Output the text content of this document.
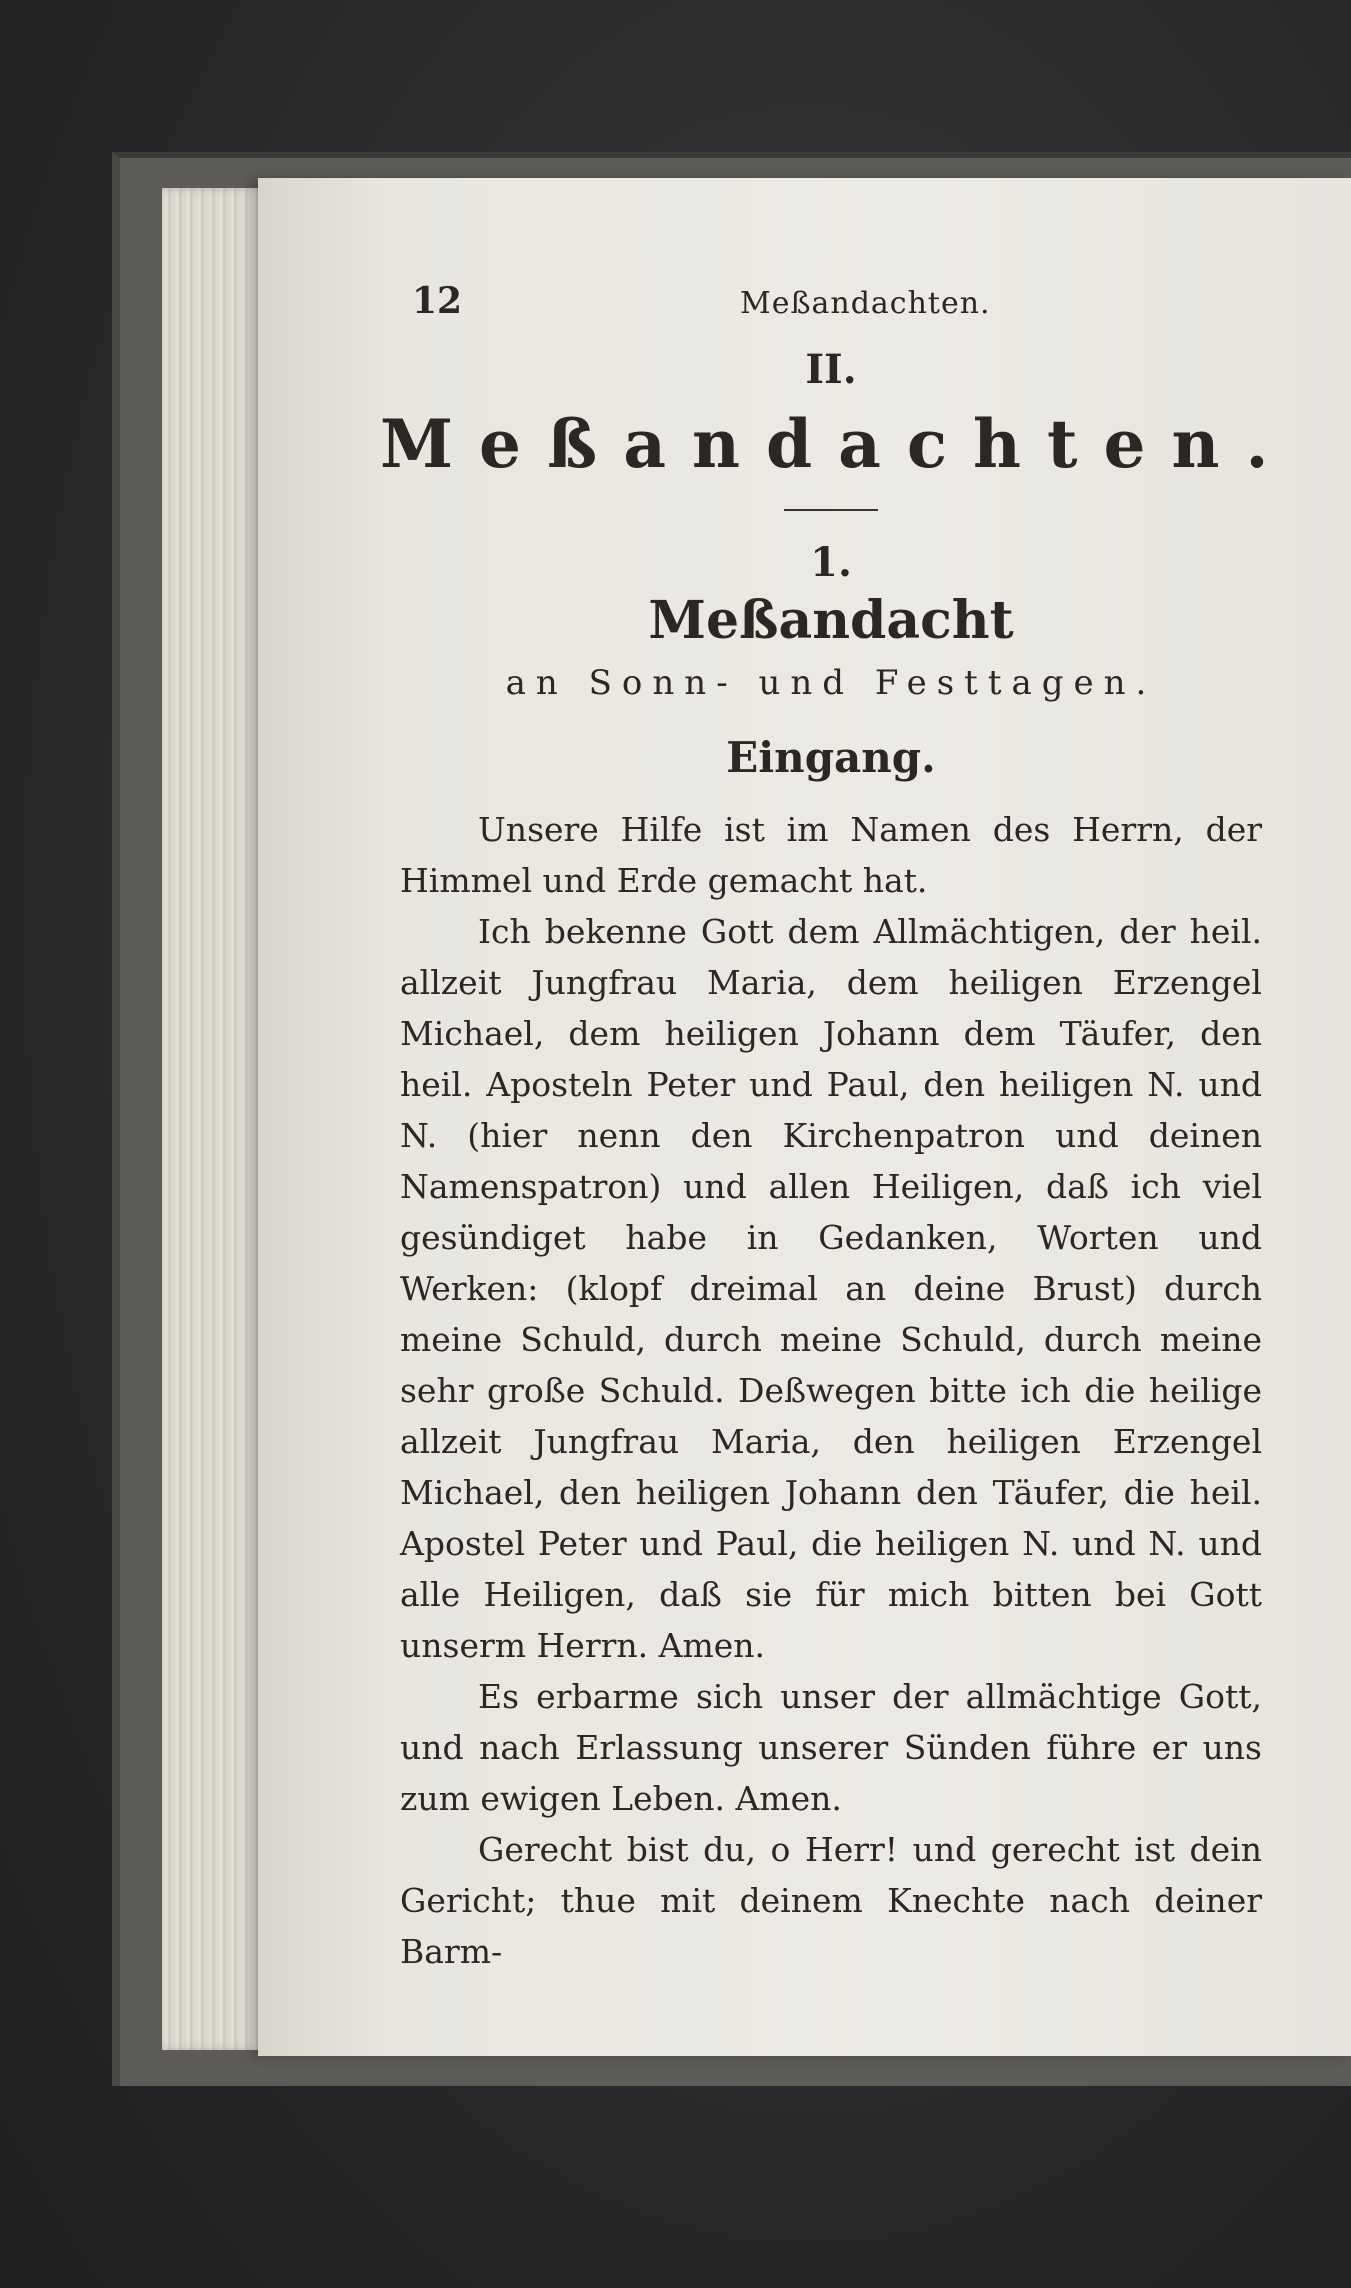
12	Meßandachten.
II.
Meßandachten.
1.
Meßandacht
an Sonn- und Festtagen.
Eingang.

Unsere Hilfe ist im Namen des Herrn, der Himmel und Erde gemacht hat.

Ich bekenne Gott dem Allmächtigen, der heil. allzeit Jungfrau Maria, dem heiligen Erzengel Michael, dem heiligen Johann dem Täufer, den heil. Aposteln Peter und Paul, den heiligen N. und N. (hier nenn den Kirchenpatron und deinen Namenspatron) und allen Heiligen, daß ich viel gesündiget habe in Gedanken, Worten und Werken: (klopf dreimal an deine Brust) durch meine Schuld, durch meine Schuld, durch meine sehr große Schuld. Deßwegen bitte ich die heilige allzeit Jungfrau Maria, den heiligen Erzengel Michael, den heiligen Johann den Täufer, die heil. Apostel Peter und Paul, die heiligen N. und N. und alle Heiligen, daß sie für mich bitten bei Gott unserm Herrn. Amen.

Es erbarme sich unser der allmächtige Gott, und nach Erlassung unserer Sünden führe er uns zum ewigen Leben. Amen.

Gerecht bist du, o Herr! und gerecht ist dein Gericht; thue mit deinem Knechte nach deiner Barm-
